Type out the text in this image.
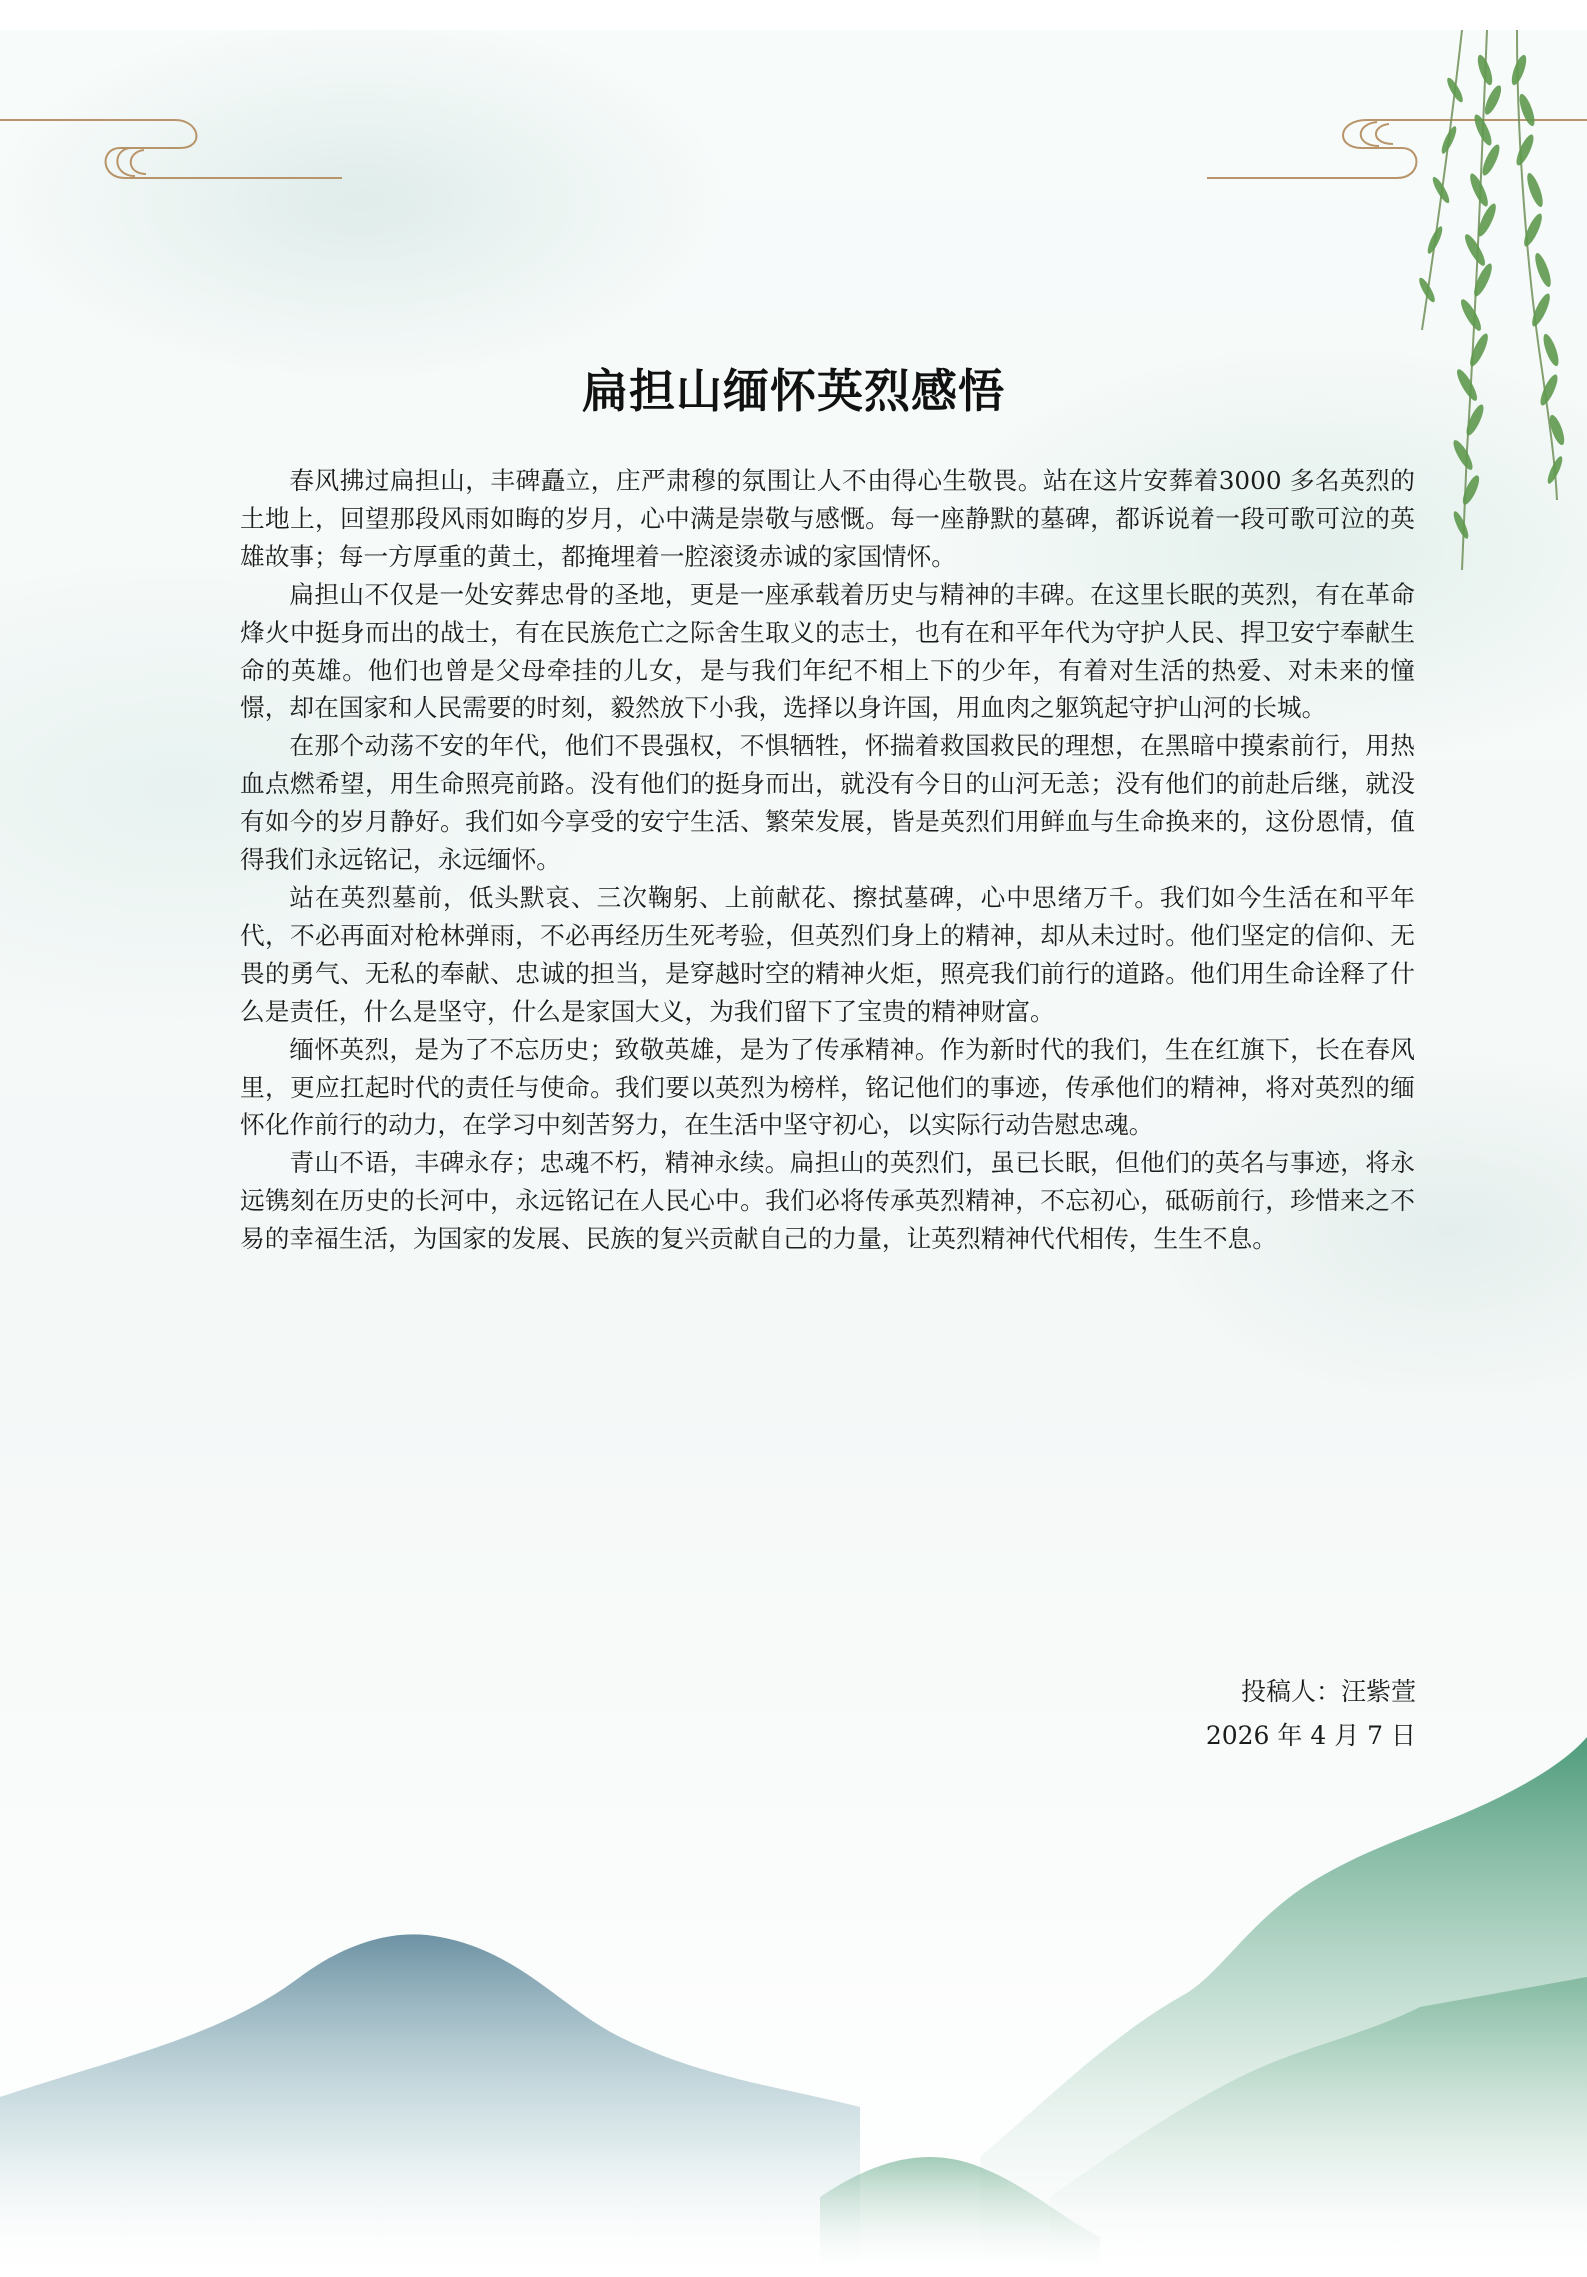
扁担山缅怀英烈感悟

春风拂过扁担山，丰碑矗立，庄严肃穆的氛围让人不由得心生敬畏。站在这片安葬着3000 多名英烈的土地上，回望那段风雨如晦的岁月，心中满是崇敬与感慨。每一座静默的墓碑，都诉说着一段可歌可泣的英雄故事；每一方厚重的黄土，都掩埋着一腔滚烫赤诚的家国情怀。

扁担山不仅是一处安葬忠骨的圣地，更是一座承载着历史与精神的丰碑。在这里长眠的英烈，有在革命烽火中挺身而出的战士，有在民族危亡之际舍生取义的志士，也有在和平年代为守护人民、捍卫安宁奉献生命的英雄。他们也曾是父母牵挂的儿女，是与我们年纪不相上下的少年，有着对生活的热爱、对未来的憧憬，却在国家和人民需要的时刻，毅然放下小我，选择以身许国，用血肉之躯筑起守护山河的长城。

在那个动荡不安的年代，他们不畏强权，不惧牺牲，怀揣着救国救民的理想，在黑暗中摸索前行，用热血点燃希望，用生命照亮前路。没有他们的挺身而出，就没有今日的山河无恙；没有他们的前赴后继，就没有如今的岁月静好。我们如今享受的安宁生活、繁荣发展，皆是英烈们用鲜血与生命换来的，这份恩情，值得我们永远铭记，永远缅怀。

站在英烈墓前，低头默哀、三次鞠躬、上前献花、擦拭墓碑，心中思绪万千。我们如今生活在和平年代，不必再面对枪林弹雨，不必再经历生死考验，但英烈们身上的精神，却从未过时。他们坚定的信仰、无畏的勇气、无私的奉献、忠诚的担当，是穿越时空的精神火炬，照亮我们前行的道路。他们用生命诠释了什么是责任，什么是坚守，什么是家国大义，为我们留下了宝贵的精神财富。

缅怀英烈，是为了不忘历史；致敬英雄，是为了传承精神。作为新时代的我们，生在红旗下，长在春风里，更应扛起时代的责任与使命。我们要以英烈为榜样，铭记他们的事迹，传承他们的精神，将对英烈的缅怀化作前行的动力，在学习中刻苦努力，在生活中坚守初心，以实际行动告慰忠魂。

青山不语，丰碑永存；忠魂不朽，精神永续。扁担山的英烈们，虽已长眠，但他们的英名与事迹，将永远镌刻在历史的长河中，永远铭记在人民心中。我们必将传承英烈精神，不忘初心，砥砺前行，珍惜来之不易的幸福生活，为国家的发展、民族的复兴贡献自己的力量，让英烈精神代代相传，生生不息。

投稿人：汪紫萱
2026 年 4 月 7 日
